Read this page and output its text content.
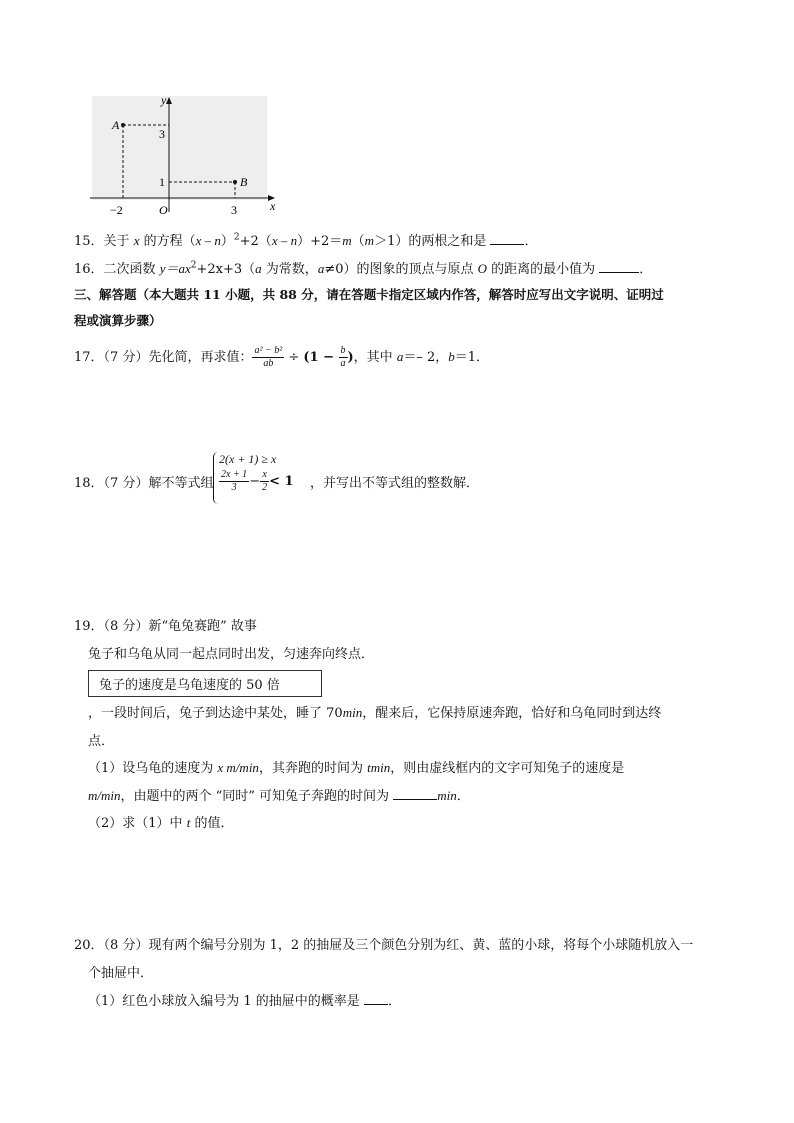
y
x
O
A
B
3
1
−2	3
15．关于 x 的方程（x – n）$^2$+2（x – n）+2＝m（m＞1）的两根之和是	．
16．二次函数 $y=ax^2+2x+3(a$ 为常数，a≠0）的图象的顶点与原点 O 的距离的最小值为	．
三、解答题（本大题共 11 小题，共 88 分，请在答题卡指定区域内作答，解答时应写出文字说明、证明过
程或演算步骤）
17．（7 分）先化简，再求值： $\frac{\text{a² − b²}}{ab} \div (1 - \frac{b}{a}$ )，其中 a＝– 2，b＝1．
18．（7 分）解不等式组
2(x + 1) ≥ x
$\frac{2x + 1}{3} - \frac{x}{2} < 1$ ，并写出不等式组的整数解．
19．（8 分）新“龟兔赛跑” 故事
兔子和乌龟从同一起点同时出发，匀速奔向终点．
兔子的速度是乌龟速度的 50 倍
，一段时间后，兔子到达途中某处，睡了 70min，醒来后，它保持原速奔跑，恰好和乌龟同时到达终
点．
（1）设乌龟的速度为 x m/min，其奔跑的时间为 tmin，则由虚线框内的文字可知兔子的速度是
m/min，由题中的两个 “同时” 可知兔子奔跑的时间为	min．
（2）求（1）中 t 的值．
20．（8 分）现有两个编号分别为 1，2 的抽屉及三个颜色分别为红、黄、蓝的小球，将每个小球随机放入一
个抽屉中．
（1）红色小球放入编号为 1 的抽屉中的概率是 ．
